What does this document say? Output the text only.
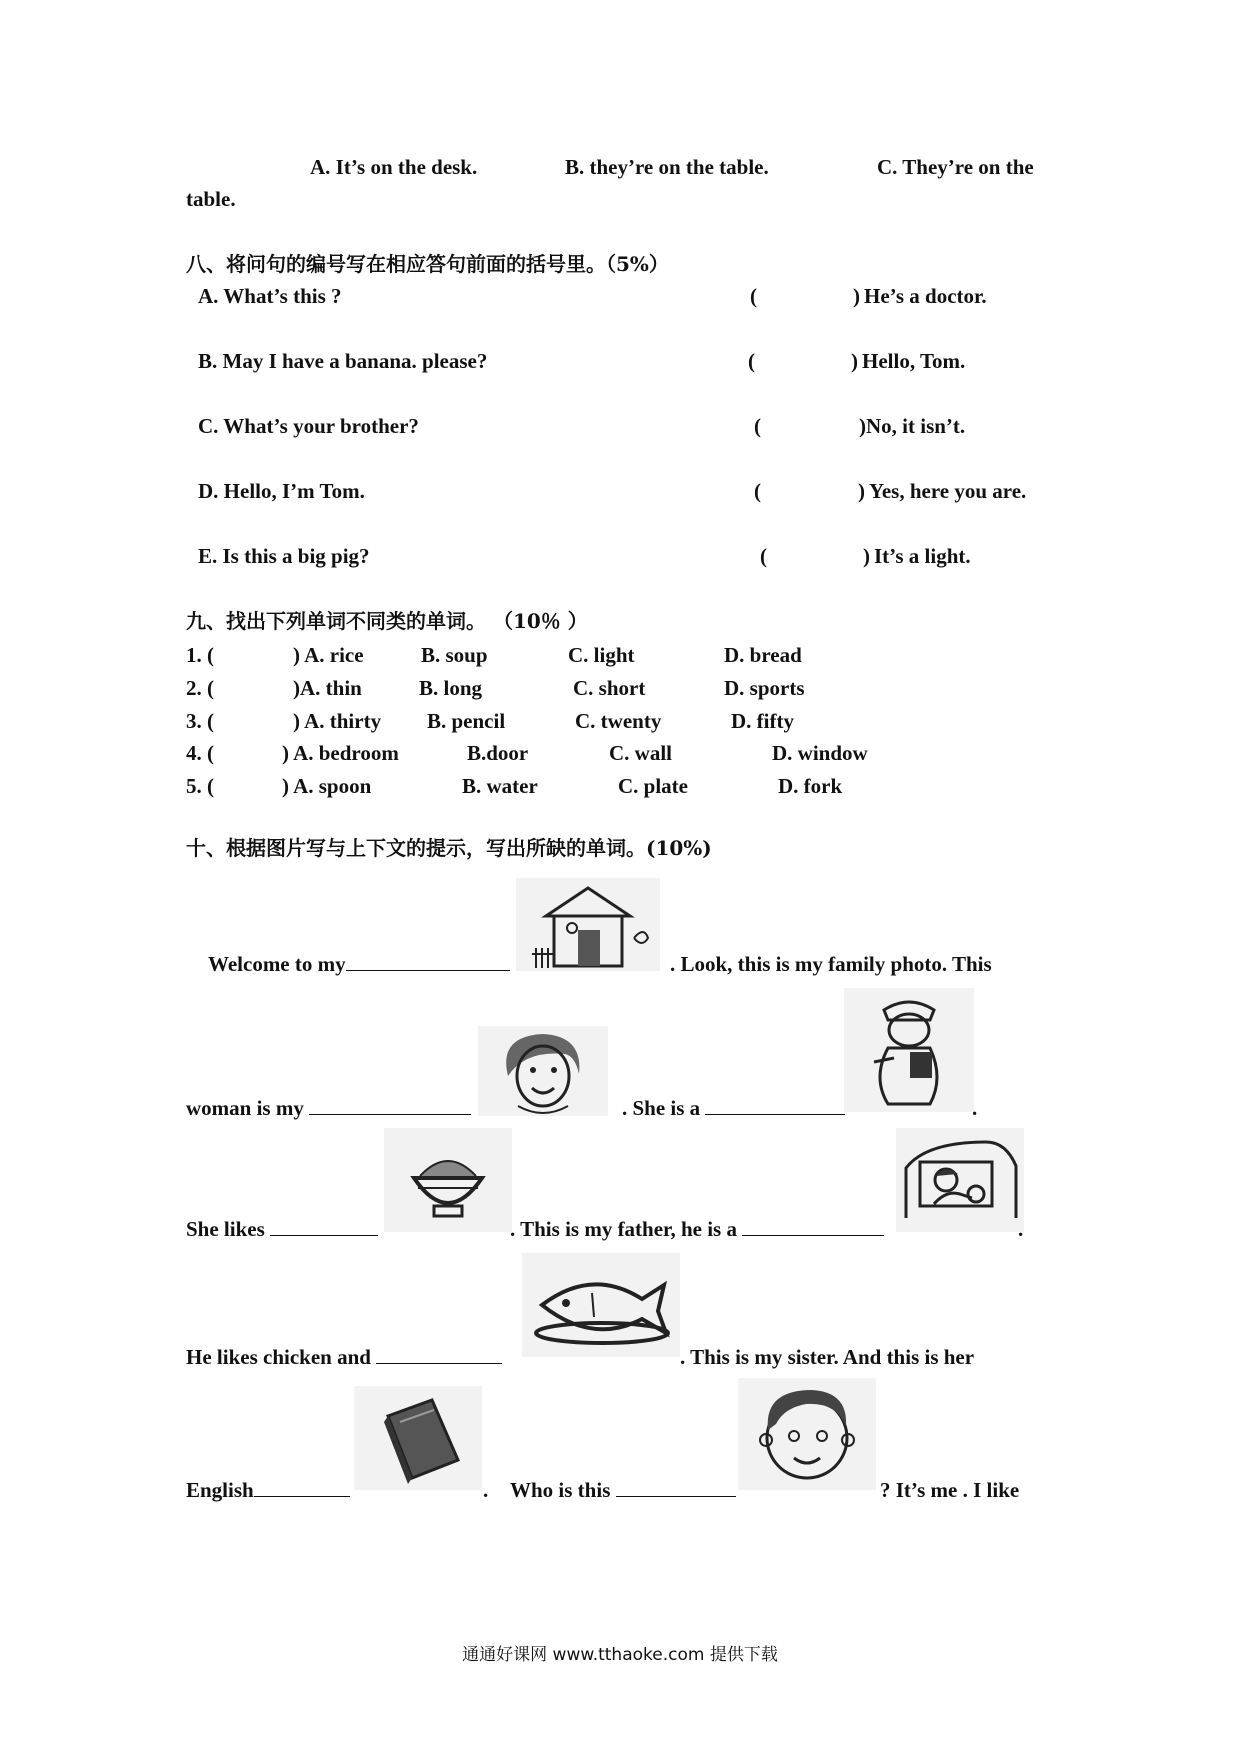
A. It’s on the desk.	B. they’re on the table.	C. They’re on the
table.
八、将问句的编号写在相应答句前面的括号里。（5%）
A. What’s this ?	(	) He’s a doctor.
B. May I have a banana. please?	(	) Hello, Tom.
C. What’s your brother?	(	) No, it isn’t.
D. Hello, I’m Tom.	(	) Yes, here you are.
E. Is this a big pig?	(	) It’s a light.
九、找出下列单词不同类的单词。 （10％ ）
1. (	) A. rice	B. soup	C. light	D. bread
2. (	)A. thin	B. long	C. short	D. sports
3. (	) A. thirty B. pencil	C. twenty	D. fifty
4. (	) A. bedroom	B.door	C. wall	D. window
5. (	) A. spoon	B. water	C. plate	D. fork
十、根据图片写与上下文的提示，写出所缺的单词。(10%)
Welcome to my	. Look, this is my family photo. This
woman is my	. She is a	.
She likes	. This is my father, he is a	.
He likes chicken and	. This is my sister. And this is her
English	. Who is this	? It’s me . I like
通通好课网 www.tthaoke.com 提供下载
